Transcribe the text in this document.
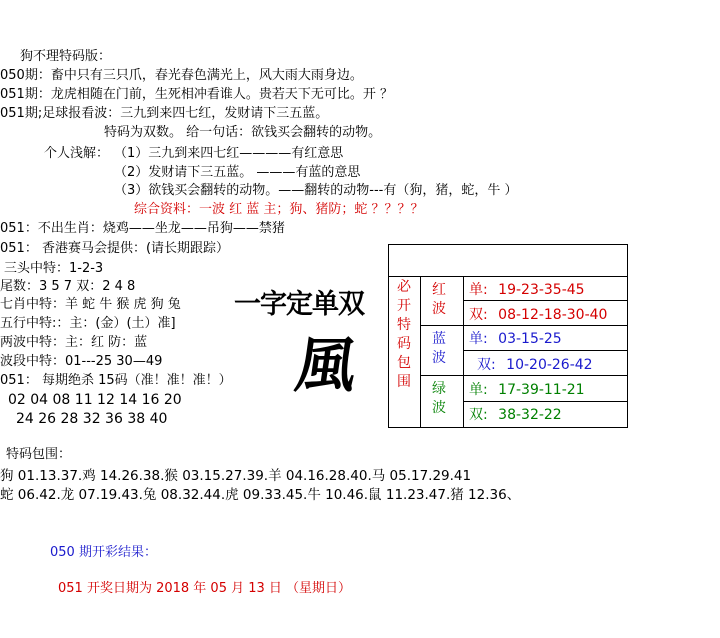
狗不理特码版：
050期：畜中只有三只爪，春光春色满光上，风大雨大雨身边。
051期：龙虎相随在门前，生死相冲看谁人。贵若天下无可比。开 ？
051期;足球报看波：三九到来四七红，发财请下三五蓝。
特码为双数。 给一句话：欲钱买会翻转的动物。
个人浅解： （1）三九到来四七红————有红意思
（2）发财请下三五蓝。 ———有蓝的意思
（3）欲钱买会翻转的动物。——翻转的动物---有（狗，猪，蛇，牛 ）
综合资料：一波 红 蓝 主；狗、猪防；蛇 ？？？？
051：不出生肖：烧鸡——坐龙——吊狗——禁猪
051： 香港赛马会提供：(请长期跟踪）
三头中特：1-2-3
尾数：3 5 7 双：2 4 8
七肖中特：羊 蛇 牛 猴 虎 狗 兔
五行中特:：主：(金）(土）准]
两波中特：主：红 防：蓝
波段中特：01---25 30—49
051： 每期绝杀 15码（准！准！准！）
02 04 08 11 12 14 16 20
24 26 28 32 36 38 40
一字定单双
風
必开特码包围
红波
蓝波
绿波
单: 19-23-35-45
双: 08-12-18-30-40
单: 03-15-25
双: 10-20-26-42
单: 17-39-11-21
双: 38-32-22
特码包围：
狗 01.13.37.鸡 14.26.38.猴 03.15.27.39.羊 04.16.28.40.马 05.17.29.41
蛇 06.42.龙 07.19.43.兔 08.32.44.虎 09.33.45.牛 10.46.鼠 11.23.47.猪 12.36、
050 期开彩结果：
051 开奖日期为 2018 年 05 月 13 日 （星期日）
